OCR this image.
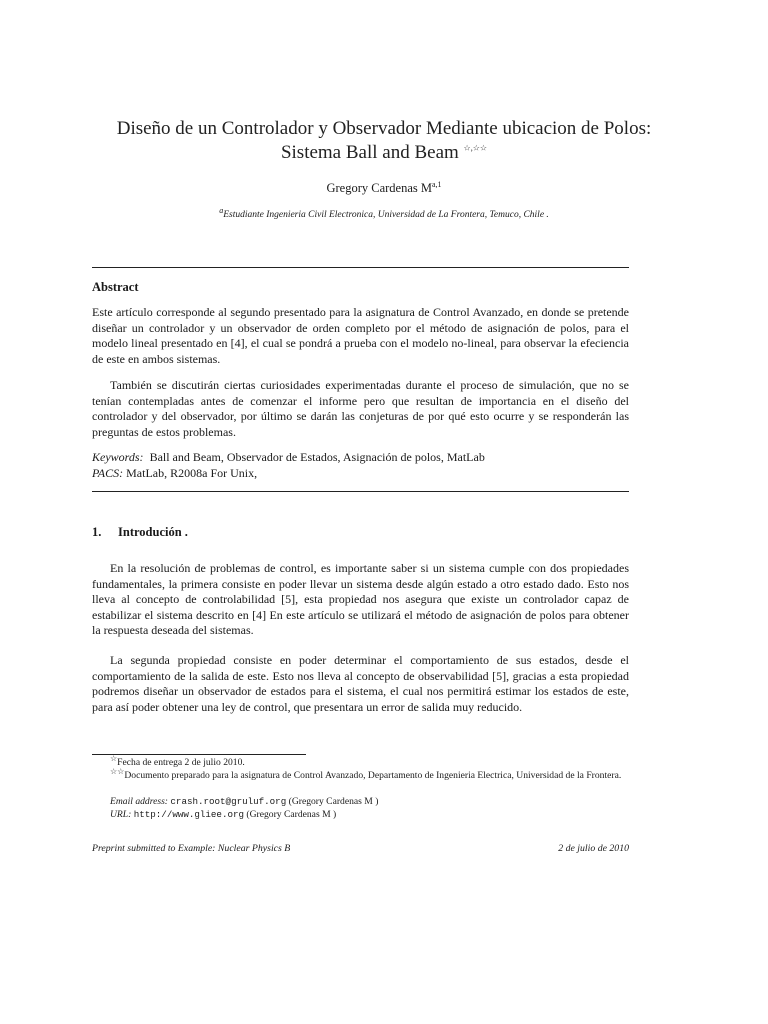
Diseño de un Controlador y Observador Mediante ubicacion de Polos:
Sistema Ball and Beam ☆,☆☆
Gregory Cardenas M$^{a,1}$
$^a$Estudiante Ingenieria Civil Electronica, Universidad de La Frontera, Temuco, Chile .
Abstract
Este artículo corresponde al segundo presentado para la asignatura de Control Avanzado, en donde se pretende diseñar un controlador y un observador de orden completo por el método de asignación de polos, para el modelo lineal presentado en [4], el cual se pondrá a prueba con el modelo no-lineal, para observar la efeciencia de este en ambos sistemas.
También se discutirán ciertas curiosidades experimentadas durante el proceso de simulación, que no se tenían contempladas antes de comenzar el informe pero que resultan de importancia en el diseño del controlador y del observador, por último se darán las conjeturas de por qué esto ocurre y se responderán las preguntas de estos problemas.
Keywords: Ball and Beam, Observador de Estados, Asignación de polos, MatLab
PACS: MatLab, R2008a For Unix,
1. Introdución .
En la resolución de problemas de control, es importante saber si un sistema cumple con dos propiedades fundamentales, la primera consiste en poder llevar un sistema desde algún estado a otro estado dado. Esto nos lleva al concepto de controlabilidad [5], esta propiedad nos asegura que existe un controlador capaz de estabilizar el sistema descrito en [4] En este artículo se utilizará el método de asignación de polos para obtener la respuesta deseada del sistemas.
La segunda propiedad consiste en poder determinar el comportamiento de sus estados, desde el comportamiento de la salida de este. Esto nos lleva al concepto de observabilidad [5], gracias a esta propiedad podremos diseñar un observador de estados para el sistema, el cual nos permitirá estimar los estados de este, para así poder obtener una ley de control, que presentara un error de salida muy reducido.
☆Fecha de entrega 2 de julio 2010.
☆☆Documento preparado para la asignatura de Control Avanzado, Departamento de Ingenieria Electrica, Universidad de la Frontera.
Email address: crash.root@gruluf.org (Gregory Cardenas M )
URL: http://www.gliee.org (Gregory Cardenas M )
Preprint submitted to Example: Nuclear Physics B	2 de julio de 2010
